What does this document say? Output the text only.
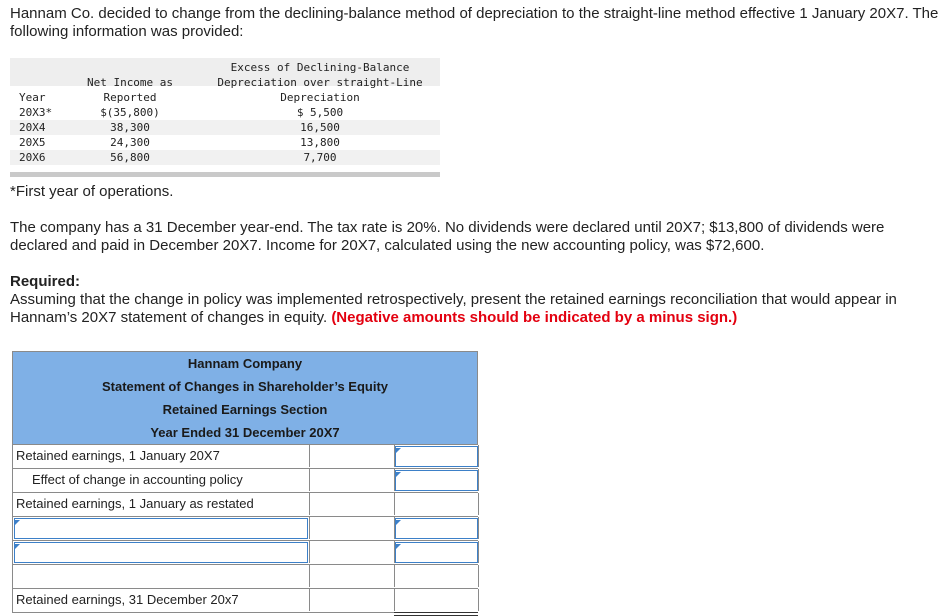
Hannam Co. decided to change from the declining-balance method of depreciation to the straight-line method effective 1 January 20X7. The following information was provided:

Excess of Declining-Balance
Depreciation over straight-Line
Depreciation
Net Income as
Reported
Year
20X3*	$(35,800)	$ 5,500
20X4	38,300	16,500
20X5	24,300	13,800
20X6	56,800	7,700

*First year of operations.

The company has a 31 December year-end. The tax rate is 20%. No dividends were declared until 20X7; $13,800 of dividends were declared and paid in December 20X7. Income for 20X7, calculated using the new accounting policy, was $72,600.

Required:

Assuming that the change in policy was implemented retrospectively, present the retained earnings reconciliation that would appear in Hannam’s 20X7 statement of changes in equity. (Negative amounts should be indicated by a minus sign.)

Hannam Company
Statement of Changes in Shareholder’s Equity
Retained Earnings Section
Year Ended 31 December 20X7
Retained earnings, 1 January 20X7
Effect of change in accounting policy
Retained earnings, 1 January as restated
Retained earnings, 31 December 20x7
